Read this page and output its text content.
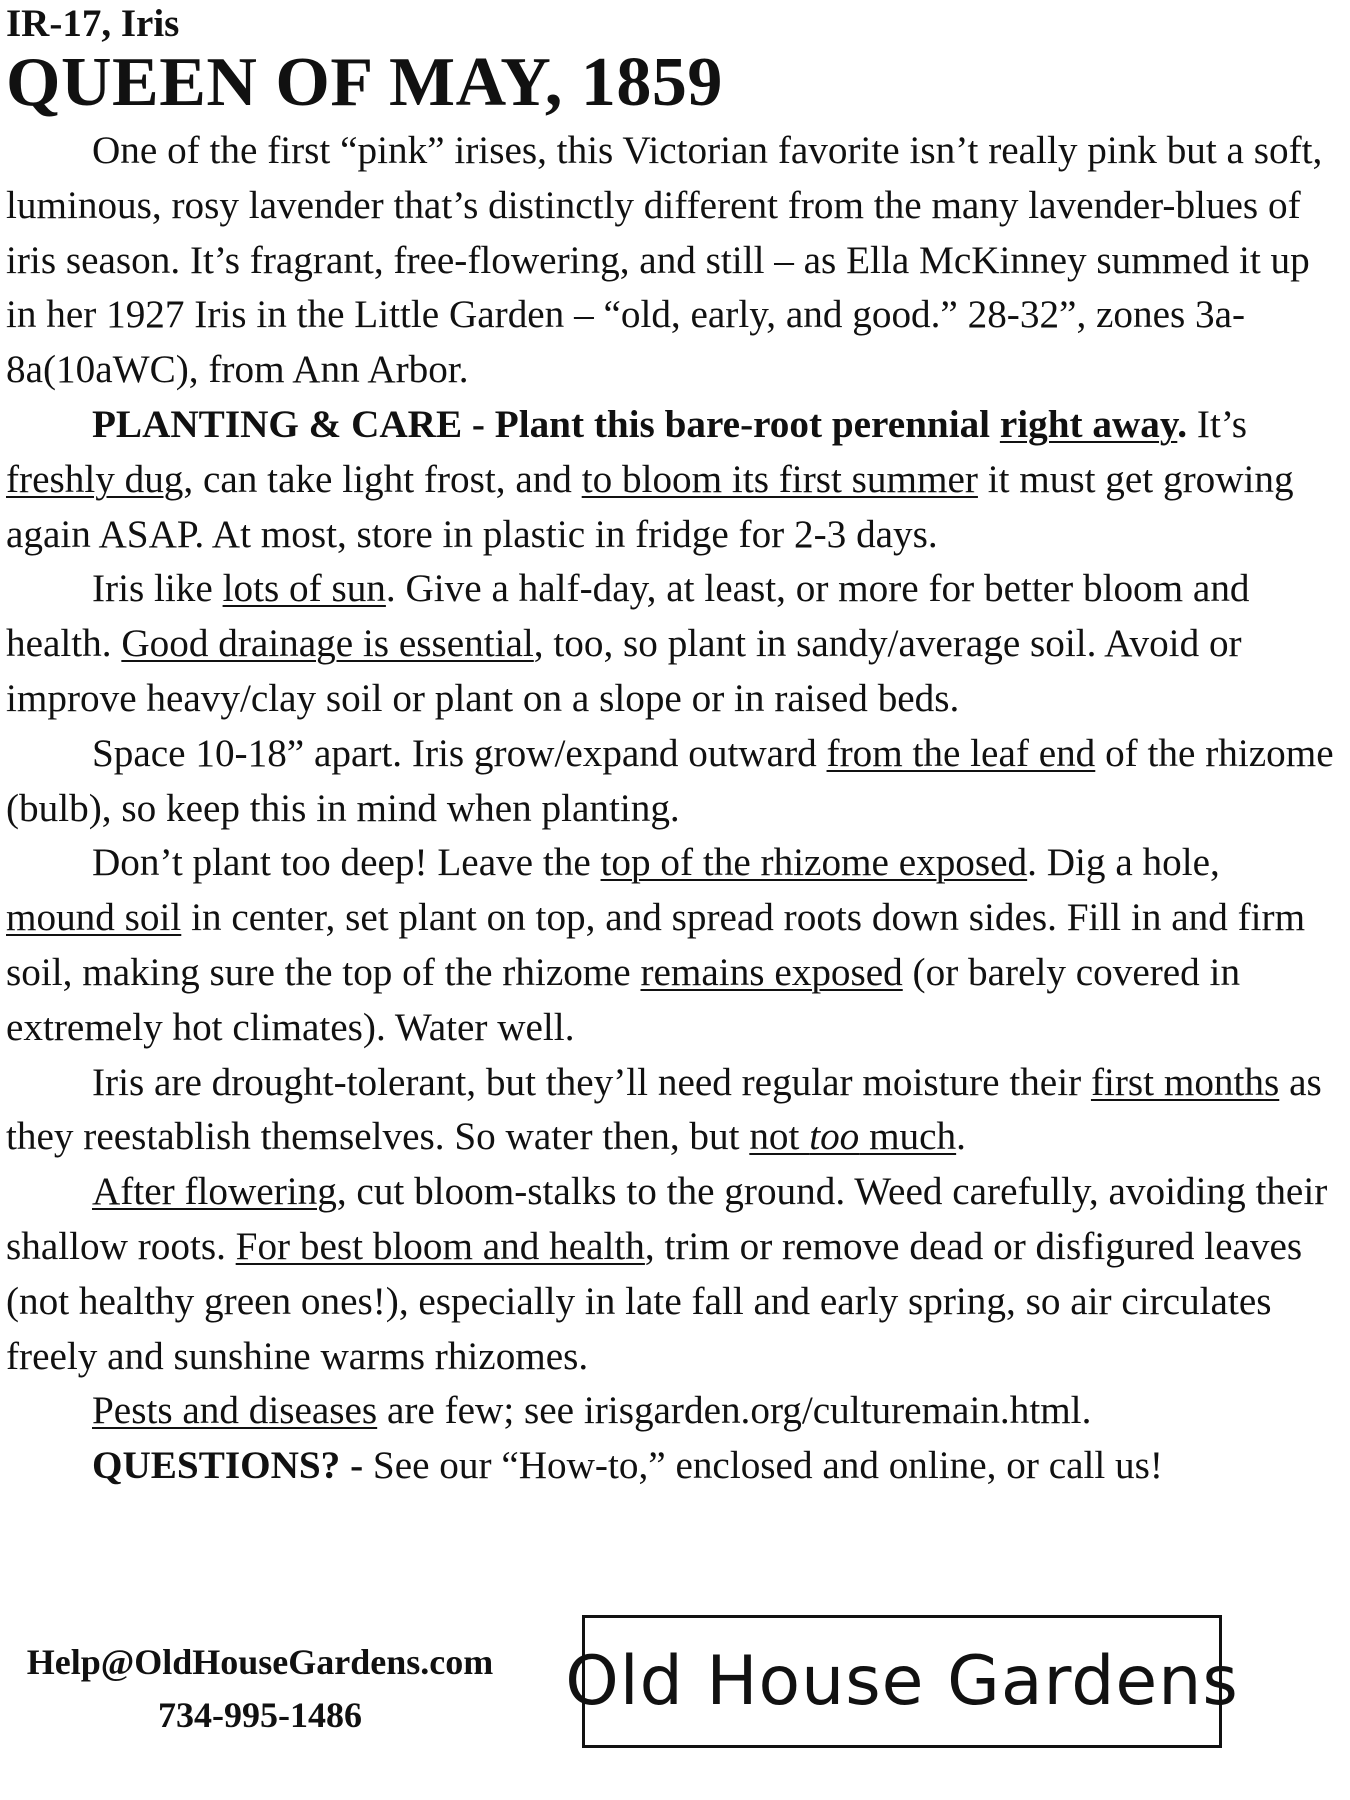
IR-17, Iris
QUEEN OF MAY, 1859

One of the first “pink” irises, this Victorian favorite isn’t really pink but a soft, luminous, rosy lavender that’s distinctly different from the many lavender-blues of iris season. It’s fragrant, free-flowering, and still – as Ella McKinney summed it up in her 1927 Iris in the Little Garden – “old, early, and good.” 28-32”, zones 3a-8a(10aWC), from Ann Arbor.

PLANTING & CARE - Plant this bare-root perennial right away. It’s freshly dug, can take light frost, and to bloom its first summer it must get growing again ASAP. At most, store in plastic in fridge for 2-3 days.

Iris like lots of sun. Give a half-day, at least, or more for better bloom and health. Good drainage is essential, too, so plant in sandy/average soil. Avoid or improve heavy/clay soil or plant on a slope or in raised beds.

Space 10-18” apart. Iris grow/expand outward from the leaf end of the rhizome (bulb), so keep this in mind when planting.

Don’t plant too deep! Leave the top of the rhizome exposed. Dig a hole, mound soil in center, set plant on top, and spread roots down sides. Fill in and firm soil, making sure the top of the rhizome remains exposed (or barely covered in extremely hot climates). Water well.

Iris are drought-tolerant, but they’ll need regular moisture their first months as they reestablish themselves. So water then, but not too much.

After flowering, cut bloom-stalks to the ground. Weed carefully, avoiding their shallow roots. For best bloom and health, trim or remove dead or disfigured leaves (not healthy green ones!), especially in late fall and early spring, so air circulates freely and sunshine warms rhizomes.

Pests and diseases are few; see irisgarden.org/culturemain.html.

QUESTIONS? - See our “How-to,” enclosed and online, or call us!

Help@OldHouseGardens.com
734-995-1486	Old House Gardens
